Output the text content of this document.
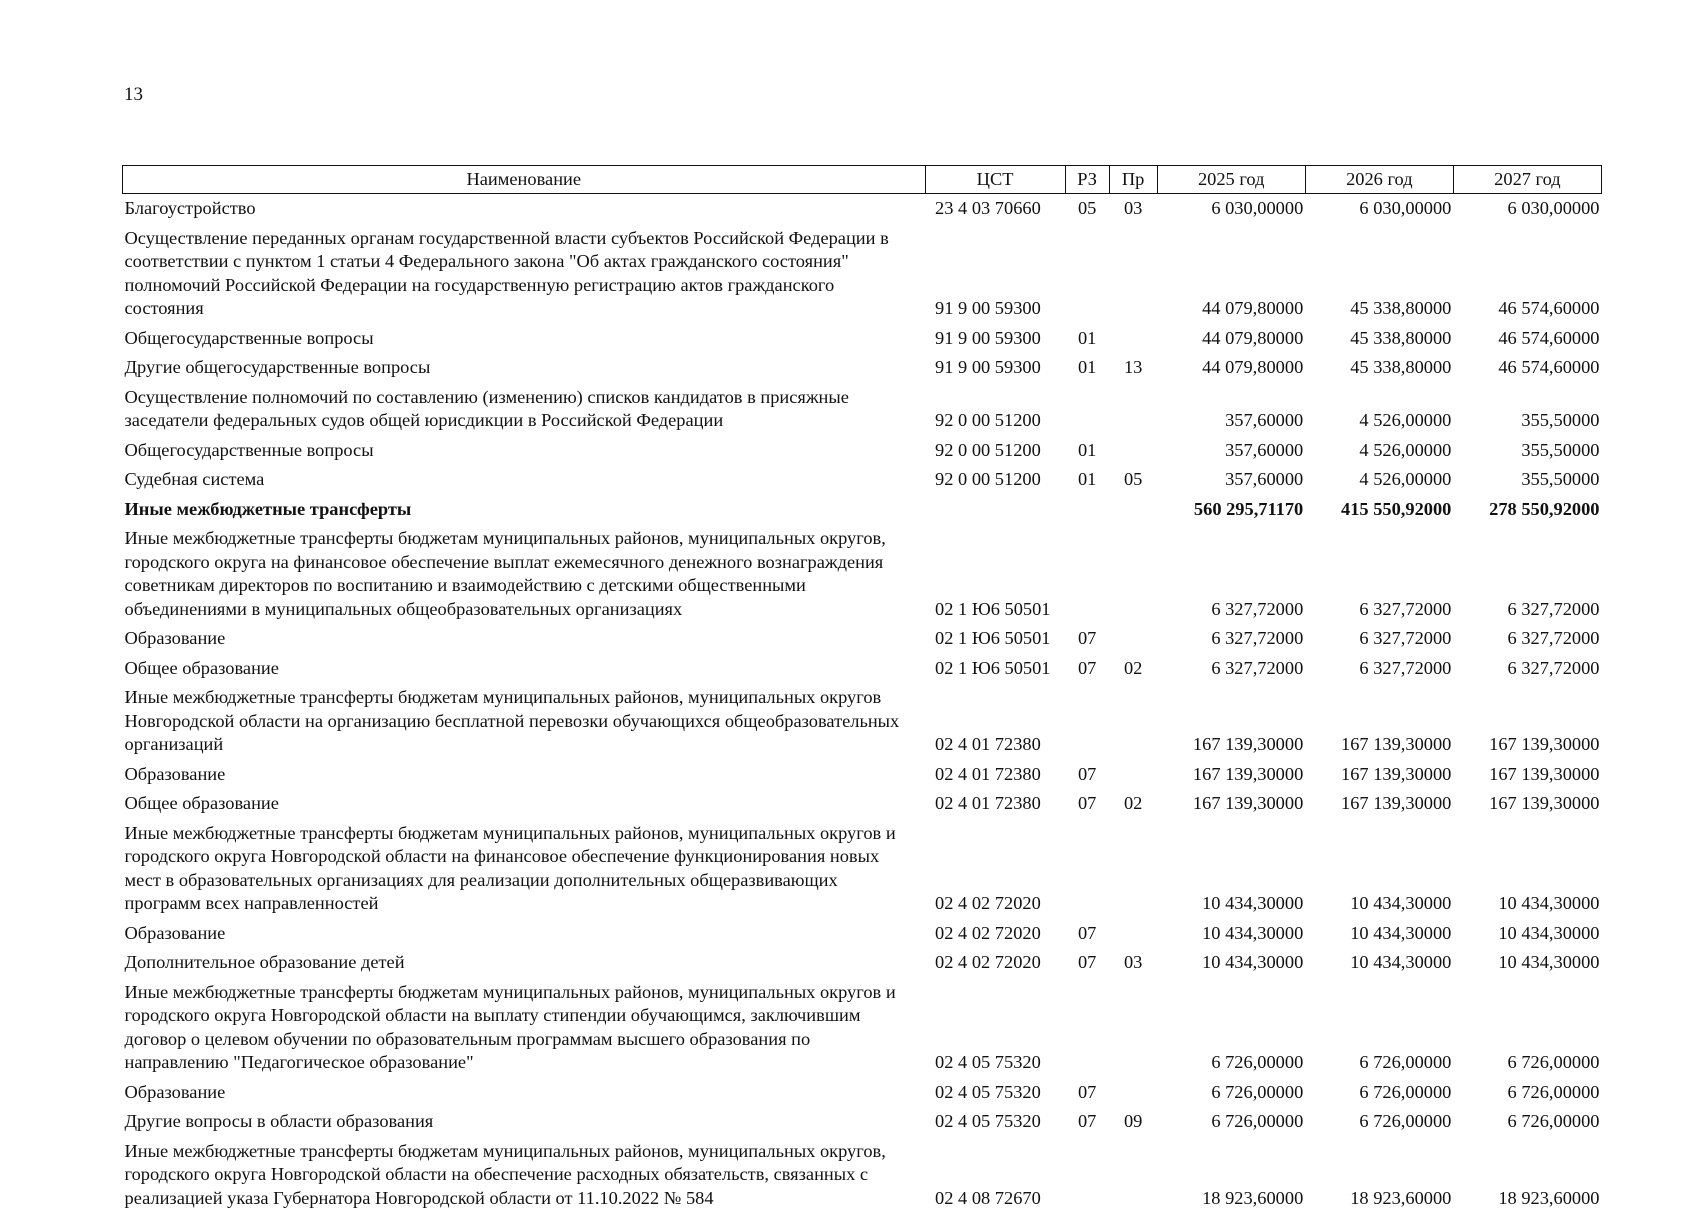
13
Наименование	ЦСТ	РЗ	Пр	2025 год	2026 год	2027 год
Благоустройство	23 4 03 70660	05	03	6 030,00000	6 030,00000	6 030,00000
Осуществление переданных органам государственной власти субъектов Российской Федерации в соответствии с пунктом 1 статьи 4 Федерального закона "Об актах гражданского состояния" полномочий Российской Федерации на государственную регистрацию актов гражданского состояния	91 9 00 59300			44 079,80000	45 338,80000	46 574,60000
Общегосударственные вопросы	91 9 00 59300	01		44 079,80000	45 338,80000	46 574,60000
Другие общегосударственные вопросы	91 9 00 59300	01	13	44 079,80000	45 338,80000	46 574,60000
Осуществление полномочий по составлению (изменению) списков кандидатов в присяжные заседатели федеральных судов общей юрисдикции в Российской Федерации	92 0 00 51200			357,60000	4 526,00000	355,50000
Общегосударственные вопросы	92 0 00 51200	01		357,60000	4 526,00000	355,50000
Судебная система	92 0 00 51200	01	05	357,60000	4 526,00000	355,50000
Иные межбюджетные трансферты				560 295,71170	415 550,92000	278 550,92000
Иные межбюджетные трансферты бюджетам муниципальных районов, муниципальных округов, городского округа на финансовое обеспечение выплат ежемесячного денежного вознаграждения советникам директоров по воспитанию и взаимодействию с детскими общественными объединениями в муниципальных общеобразовательных организациях	02 1 Ю6 50501			6 327,72000	6 327,72000	6 327,72000
Образование	02 1 Ю6 50501	07		6 327,72000	6 327,72000	6 327,72000
Общее образование	02 1 Ю6 50501	07	02	6 327,72000	6 327,72000	6 327,72000
Иные межбюджетные трансферты бюджетам муниципальных районов, муниципальных округов Новгородской области на организацию бесплатной перевозки обучающихся общеобразовательных организаций	02 4 01 72380			167 139,30000	167 139,30000	167 139,30000
Образование	02 4 01 72380	07		167 139,30000	167 139,30000	167 139,30000
Общее образование	02 4 01 72380	07	02	167 139,30000	167 139,30000	167 139,30000
Иные межбюджетные трансферты бюджетам муниципальных районов, муниципальных округов и городского округа Новгородской области на финансовое обеспечение функционирования новых мест в образовательных организациях для реализации дополнительных общеразвивающих программ всех направленностей	02 4 02 72020			10 434,30000	10 434,30000	10 434,30000
Образование	02 4 02 72020	07		10 434,30000	10 434,30000	10 434,30000
Дополнительное образование детей	02 4 02 72020	07	03	10 434,30000	10 434,30000	10 434,30000
Иные межбюджетные трансферты бюджетам муниципальных районов, муниципальных округов и городского округа Новгородской области на выплату стипендии обучающимся, заключившим договор о целевом обучении по образовательным программам высшего образования по направлению "Педагогическое образование"	02 4 05 75320			6 726,00000	6 726,00000	6 726,00000
Образование	02 4 05 75320	07		6 726,00000	6 726,00000	6 726,00000
Другие вопросы в области образования	02 4 05 75320	07	09	6 726,00000	6 726,00000	6 726,00000
Иные межбюджетные трансферты бюджетам муниципальных районов, муниципальных округов, городского округа Новгородской области на обеспечение расходных обязательств, связанных с реализацией указа Губернатора Новгородской области от 11.10.2022 № 584	02 4 08 72670			18 923,60000	18 923,60000	18 923,60000
